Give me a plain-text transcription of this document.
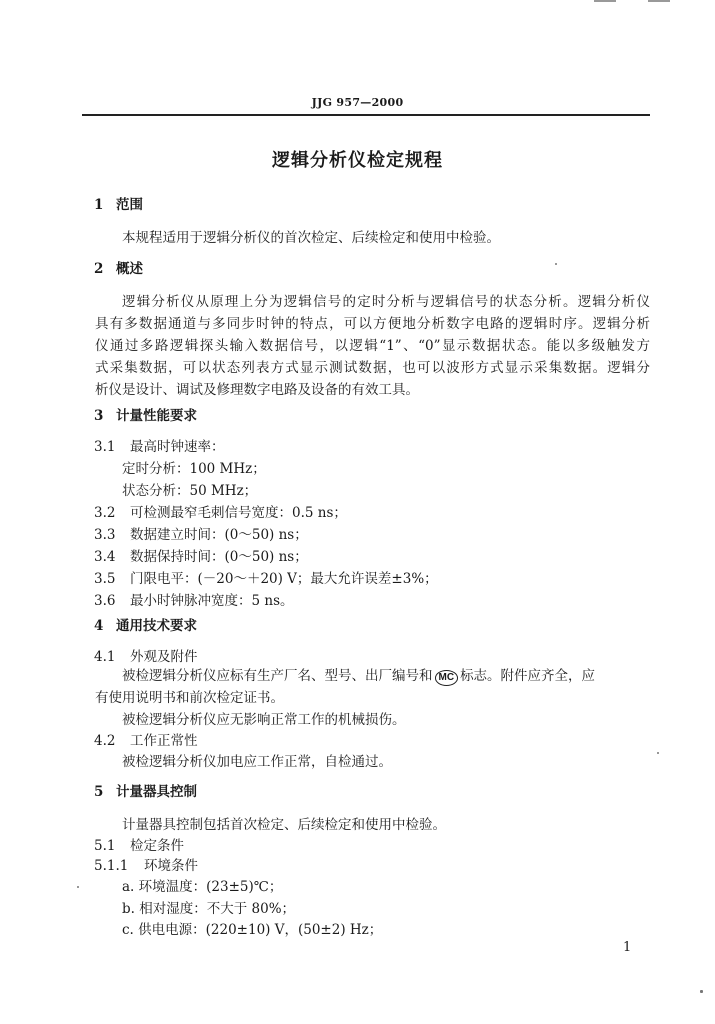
JJG 957—2000
逻辑分析仪检定规程
1 范围
本规程适用于逻辑分析仪的首次检定、后续检定和使用中检验。
2 概述
逻辑分析仪从原理上分为逻辑信号的定时分析与逻辑信号的状态分析。逻辑分析仪
具有多数据通道与多同步时钟的特点，可以方便地分析数字电路的逻辑时序。逻辑分析
仪通过多路逻辑探头输入数据信号，以逻辑“1”、“0”显示数据状态。能以多级触发方
式采集数据，可以状态列表方式显示测试数据，也可以波形方式显示采集数据。逻辑分
析仪是设计、调试及修理数字电路及设备的有效工具。
3 计量性能要求
3.1 最高时钟速率：
定时分析：100 MHz；
状态分析：50 MHz；
3.2 可检测最窄毛刺信号宽度：0.5 ns；
3.3 数据建立时间：(0～50) ns；
3.4 数据保持时间：(0～50) ns；
3.5 门限电平：(－20～＋20) V；最大允许误差±3%；
3.6 最小时钟脉冲宽度：5 ns。
4 通用技术要求
4.1 外观及附件
被检逻辑分析仪应标有生产厂名、型号、出厂编号和 MC 标志。附件应齐全，应
有使用说明书和前次检定证书。
被检逻辑分析仪应无影响正常工作的机械损伤。
4.2 工作正常性
被检逻辑分析仪加电应工作正常，自检通过。
5 计量器具控制
计量器具控制包括首次检定、后续检定和使用中检验。
5.1 检定条件
5.1.1 环境条件
a. 环境温度：(23±5)℃；
b. 相对湿度：不大于 80%；
c. 供电电源：(220±10) V，(50±2) Hz；
1
